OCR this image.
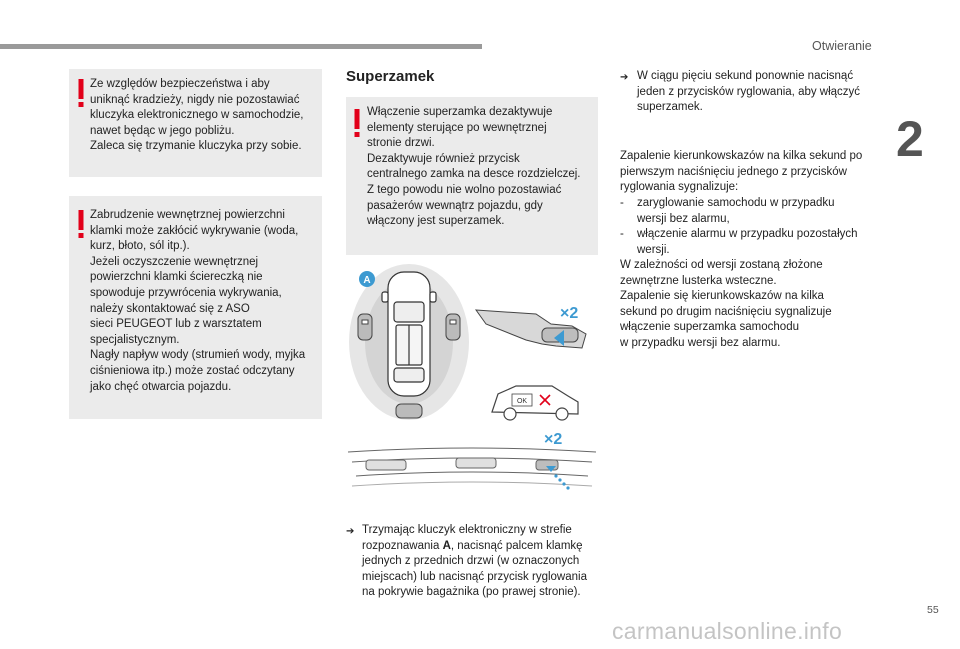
Otwieranie
2

Ze względów bezpieczeństwa i aby
uniknąć kradzieży, nigdy nie pozostawiać
kluczyka elektronicznego w samochodzie,
nawet będąc w jego pobliżu.
Zaleca się trzymanie kluczyka przy sobie.

Zabrudzenie wewnętrznej powierzchni
klamki może zakłócić wykrywanie (woda,
kurz, błoto, sól itp.).
Jeżeli oczyszczenie wewnętrznej
powierzchni klamki ściereczką nie
spowoduje przywrócenia wykrywania,
należy skontaktować się z ASO
sieci PEUGEOT lub z warsztatem
specjalistycznym.
Nagły napływ wody (strumień wody, myjka
ciśnieniowa itp.) może zostać odczytany
jako chęć otwarcia pojazdu.

Superzamek

Włączenie superzamka dezaktywuje
elementy sterujące po wewnętrznej
stronie drzwi.
Dezaktywuje również przycisk
centralnego zamka na desce rozdzielczej.
Z tego powodu nie wolno pozostawiać
pasażerów wewnątrz pojazdu, gdy
włączony jest superzamek.

A
×2
OK
×2
➔ Trzymając kluczyk elektroniczny w strefie
rozpoznawania A, nacisnąć palcem klamkę
jednych z przednich drzwi (w oznaczonych
miejscach) lub nacisnąć przycisk ryglowania
na pokrywie bagażnika (po prawej stronie).

➔ W ciągu pięciu sekund ponownie nacisnąć
jeden z przycisków ryglowania, aby włączyć
superzamek.

Zapalenie kierunkowskazów na kilka sekund po
pierwszym naciśnięciu jednego z przycisków
ryglowania sygnalizuje:

- zaryglowanie samochodu w przypadku
wersji bez alarmu,

- włączenie alarmu w przypadku pozostałych
wersji.

W zależności od wersji zostaną złożone
zewnętrzne lusterka wsteczne.
Zapalenie się kierunkowskazów na kilka
sekund po drugim naciśnięciu sygnalizuje
włączenie superzamka samochodu
w przypadku wersji bez alarmu.

55
carmanualsonline.info
